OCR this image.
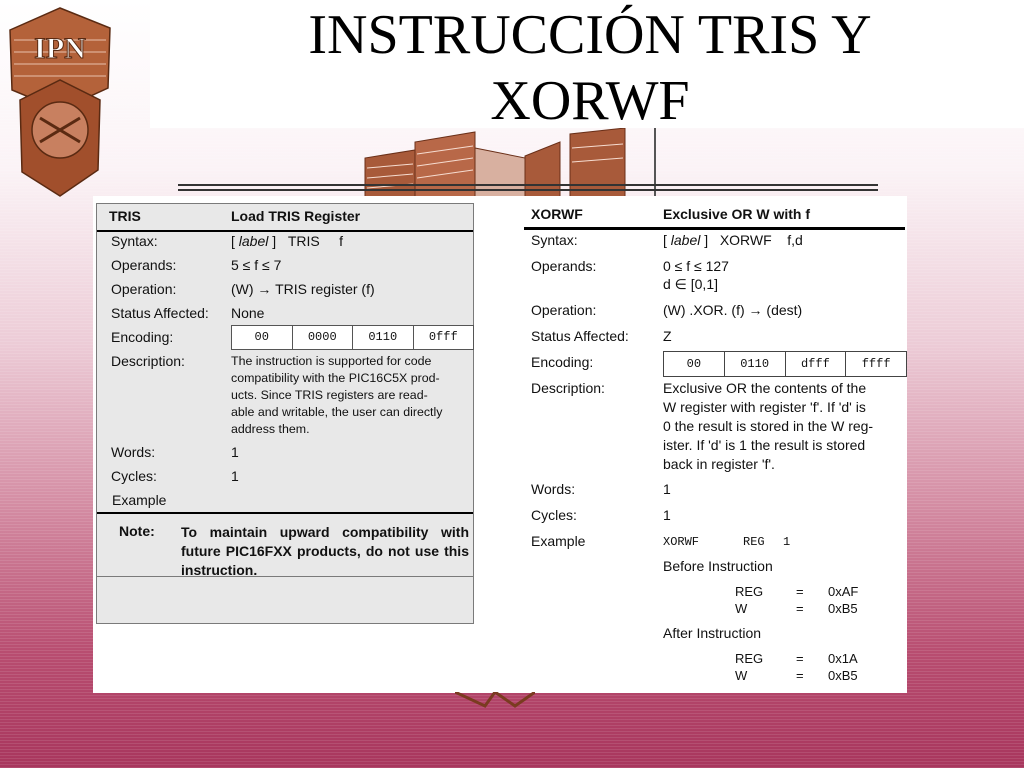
IPN	INSTRUCCIÓN TRIS Y
XORWF
TRIS	Load TRIS Register
Syntax:	[ label ] TRIS f
Operands:	5 ≤ f ≤ 7
Operation:	(W) → TRIS register (f)
Status Affected: None
Encoding:	00	0000	0110	0fff
Description:	The instruction is supported for code
compatibility with the PIC16C5X prod-
ucts. Since TRIS registers are read-
able and writable, the user can directly
address them.
Words:	1
Cycles:	1
Example
Note: To maintain upward compatibility with future PIC16FXX products, do not use this instruction.
XORWF	Exclusive OR W with f
Syntax:	[ label ] XORWF f,d
Operands:	0 ≤ f ≤ 127
d ∈ [0,1]
Operation:	(W) .XOR. (f) → (dest)
Status Affected: Z
Encoding:	00	0110	dfff	ffff
Description:	Exclusive OR the contents of the
W register with register 'f'. If 'd' is
0 the result is stored in the W reg-
ister. If 'd' is 1 the result is stored
back in register 'f'.
Words:	1
Cycles:	1
Example	XORWF	REG 1
Before Instruction
REG	= 0xAF
W	= 0xB5
After Instruction
REG	= 0x1A
W	= 0xB5
